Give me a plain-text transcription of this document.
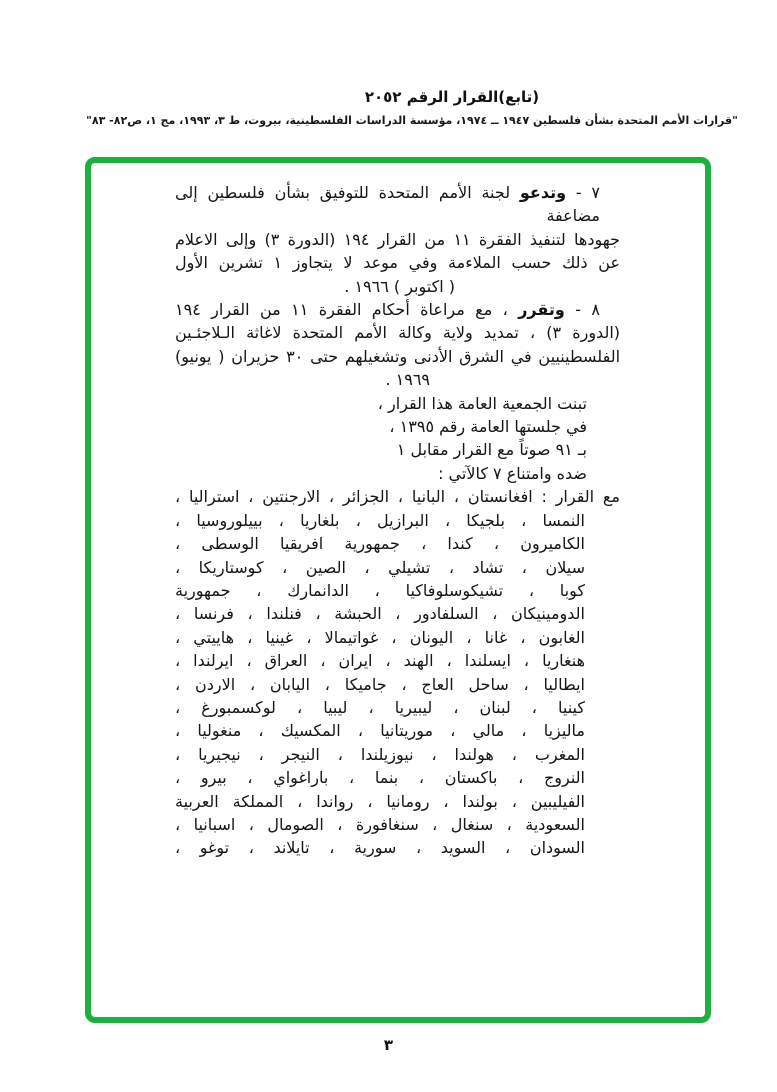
(تابع)القرار الرقم ٢٠٥٢
"قرارات الأمم المتحدة بشأن فلسطين ١٩٤٧ ــ ١٩٧٤، مؤسسة الدراسات الفلسطينية، بيروت، ط ٣، ١٩٩٣، مج ١، ص٨٢- ٨٣"
٧ - وتدعو لجنة الأمم المتحدة للتوفيق بشأن فلسطين إلى مضاعفة
جهودها لتنفيذ الفقرة ١١ من القرار ١٩٤ (الدورة ٣) وإلى الاعلام
عن ذلك حسب الملاءمة وفي موعد لا يتجاوز ١ تشرين الأول
( اكتوبر ) ١٩٦٦ .
٨ - وتقرر ، مع مراعاة أحكام الفقرة ١١ من القرار ١٩٤
(الدورة ٣) ، تمديد ولاية وكالة الأمم المتحدة لاغاثة الـلاجئـين
الفلسطينيين في الشرق الأدنى وتشغيلهم حتى ٣٠ حزيران ( يونيو)
١٩٦٩ .
تبنت الجمعية العامة هذا القرار ،
في جلستها العامة رقم ١٣٩٥ ،
بـ ٩١ صوتاً مع القرار مقابل ١
ضده وامتناع ٧ كالآتي :
مع القرار : افغانستان ، البانيا ، الجزائر ، الارجنتين ، استراليا ،
النمسا ، بلجيكا ، البرازيل ، بلغاريا ، بييلوروسيا ،
الكاميرون ، كندا ، جمهورية افريقيا الوسطى ،
سيلان ، تشاد ، تشيلي ، الصين ، كوستاريكا ،
كوبا ، تشيكوسلوفاكيا ، الدانمارك ، جمهورية
الدومينيكان ، السلفادور ، الحبشة ، فنلندا ، فرنسا ،
الغابون ، غانا ، اليونان ، غواتيمالا ، غينيا ، هاييتي ،
هنغاريا ، ايسلندا ، الهند ، ايران ، العراق ، ايرلندا ،
ايطاليا ، ساحل العاج ، جاميكا ، اليابان ، الاردن ،
كينيا ، لبنان ، ليبيريا ، ليبيا ، لوكسمبورغ ،
ماليزيا ، مالي ، موريتانيا ، المكسيك ، منغوليا ،
المغرب ، هولندا ، نيوزيلندا ، النيجر ، نيجيريا ،
النروج ، باكستان ، بنما ، باراغواي ، بيرو ،
الفيليبين ، بولندا ، رومانيا ، رواندا ، المملكة العربية
السعودية ، سنغال ، سنغافورة ، الصومال ، اسبانيا ،
السودان ، السويد ، سورية ، تايلاند ، توغو ،
٣
